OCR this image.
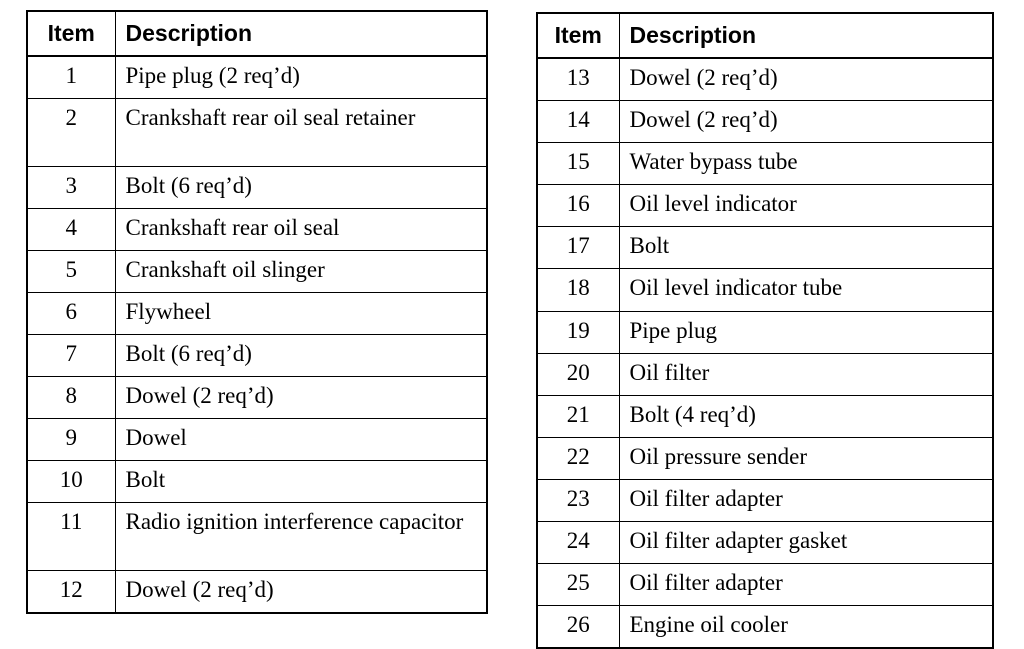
Item	Description
1	Pipe plug (2 req’d)
2	Crankshaft rear oil seal retainer
3	Bolt (6 req’d)
4	Crankshaft rear oil seal
5	Crankshaft oil slinger
6	Flywheel
7	Bolt (6 req’d)
8	Dowel (2 req’d)
9	Dowel
10	Bolt
11	Radio ignition interference capacitor
12	Dowel (2 req’d)
Item	Description
13	Dowel (2 req’d)
14	Dowel (2 req’d)
15	Water bypass tube
16	Oil level indicator
17	Bolt
18	Oil level indicator tube
19	Pipe plug
20	Oil filter
21	Bolt (4 req’d)
22	Oil pressure sender
23	Oil filter adapter
24	Oil filter adapter gasket
25	Oil filter adapter
26	Engine oil cooler
